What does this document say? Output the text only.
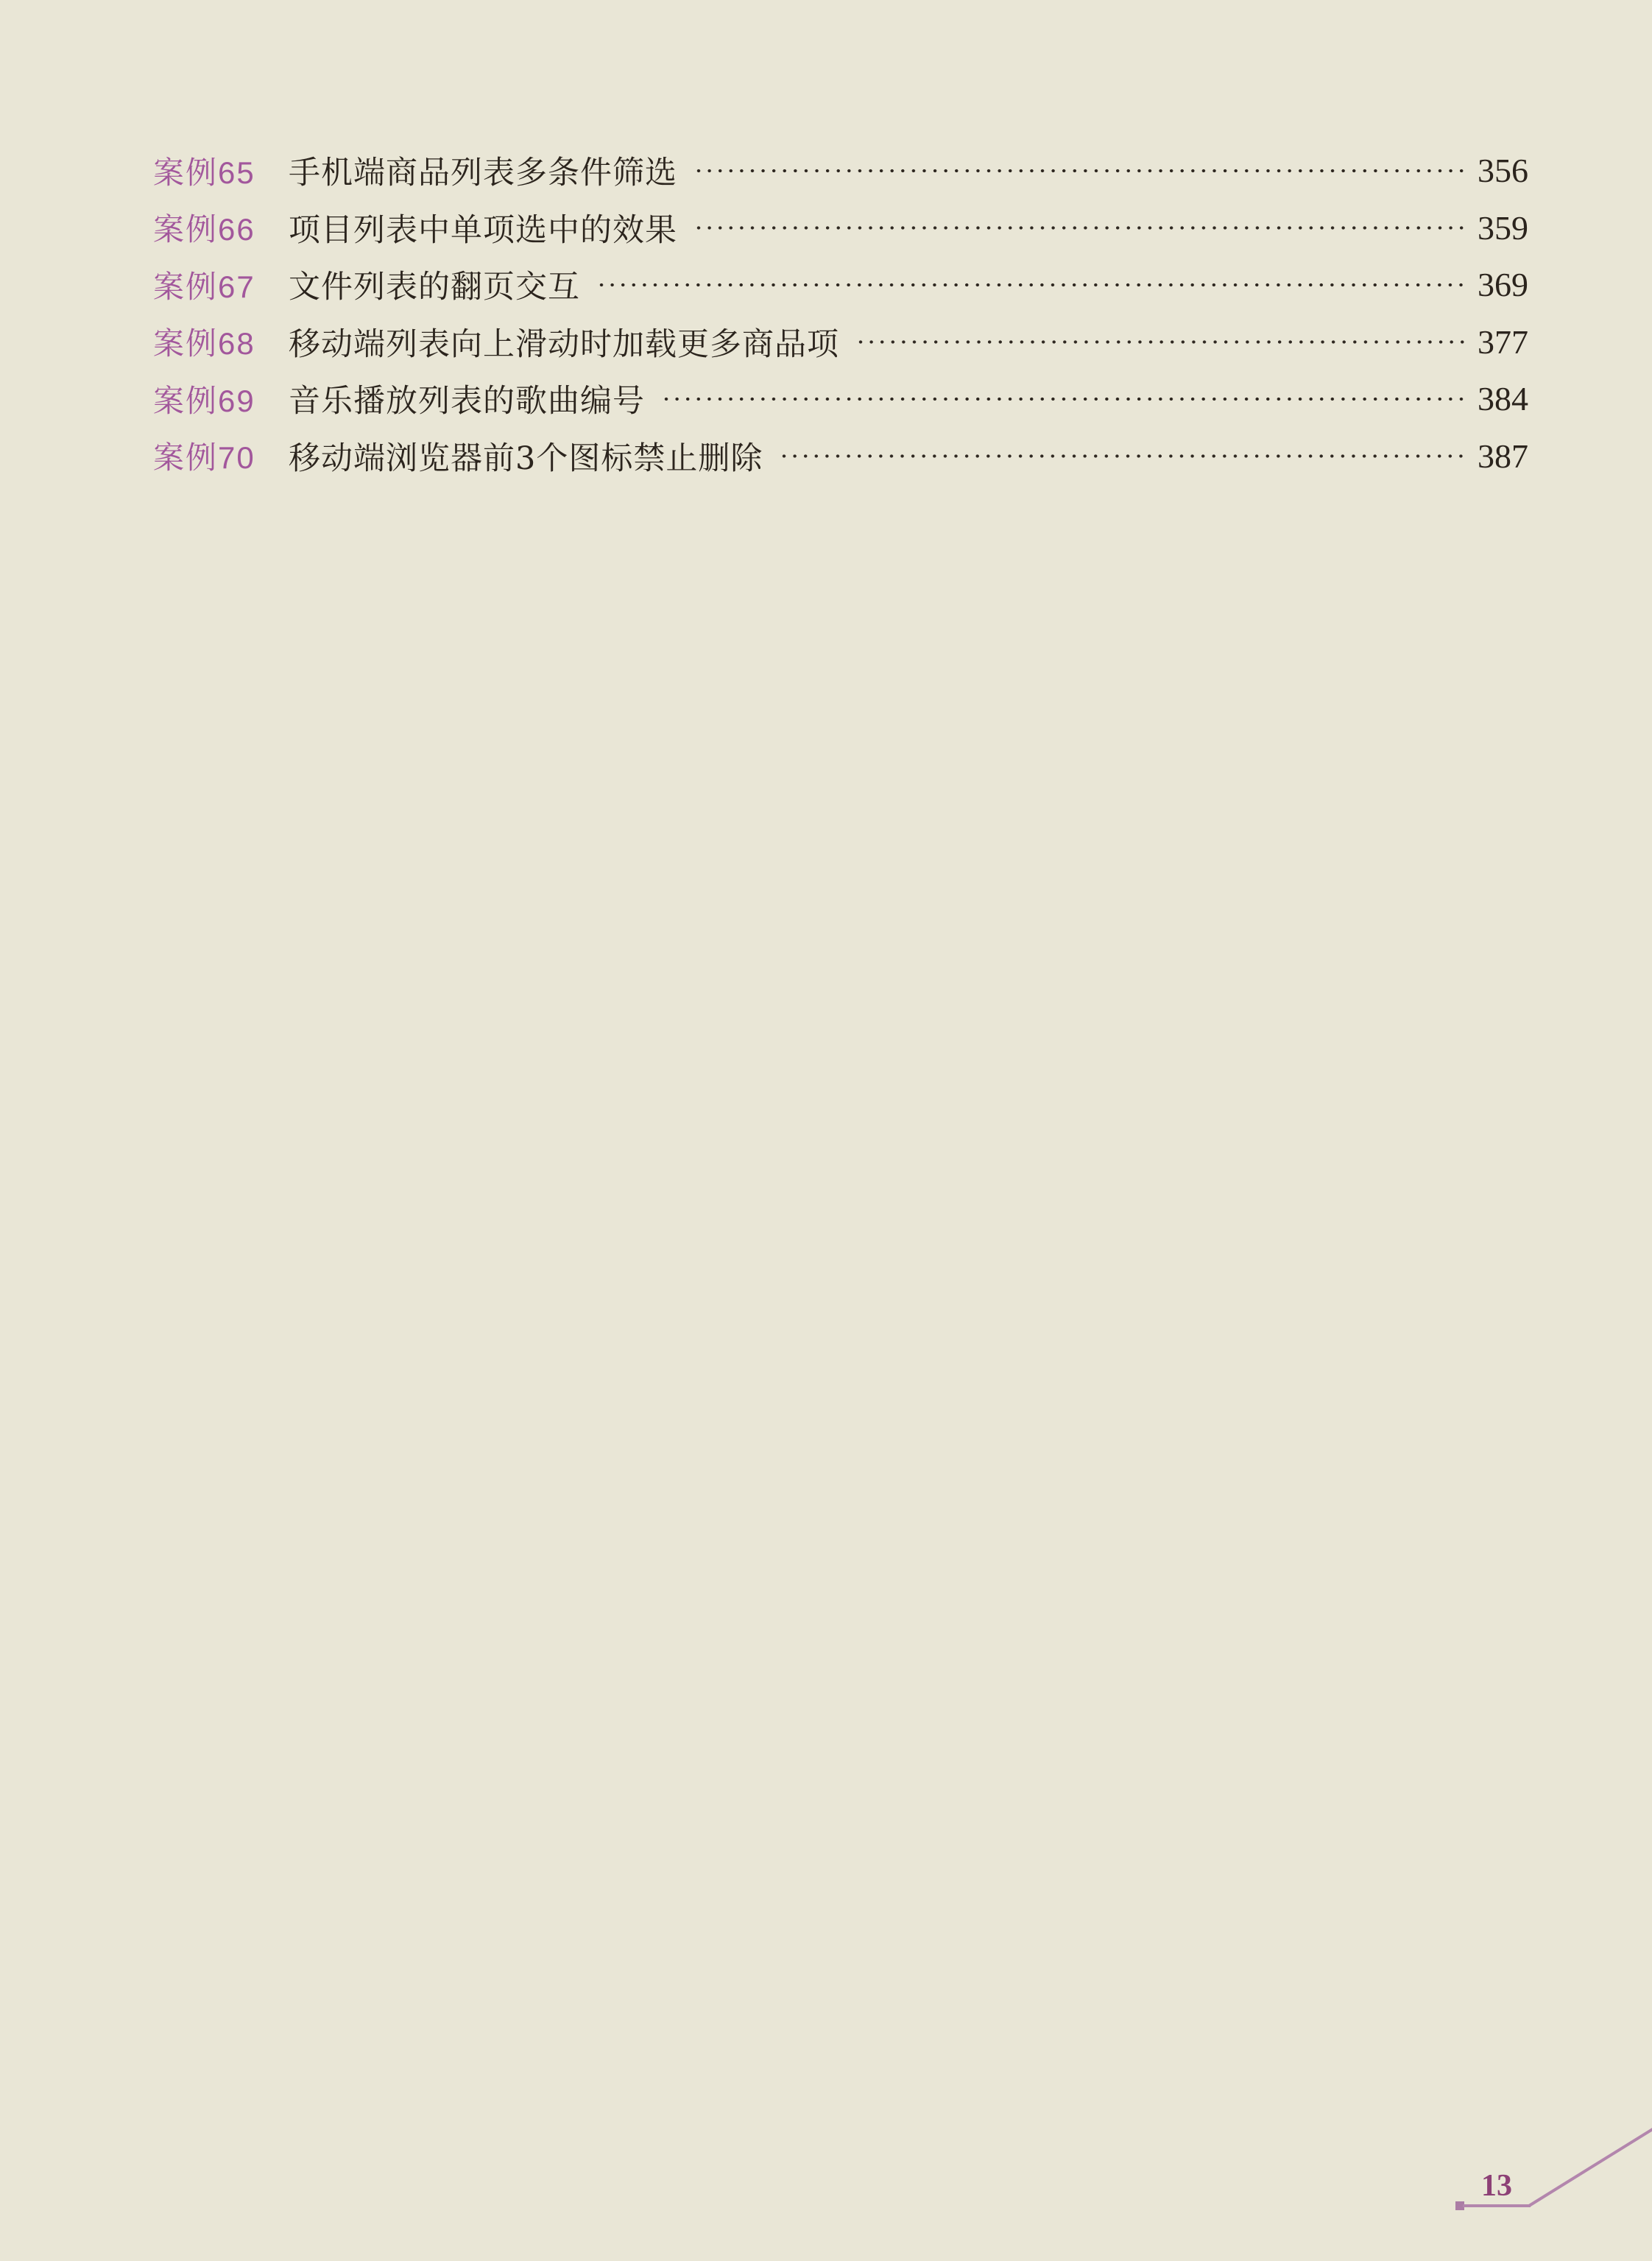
案例65	手机端商品列表多条件筛选	356
案例66	项目列表中单项选中的效果	359
案例67	文件列表的翻页交互	369
案例68	移动端列表向上滑动时加载更多商品项	377
案例69	音乐播放列表的歌曲编号	384
案例70	移动端浏览器前3个图标禁止删除	387
13
